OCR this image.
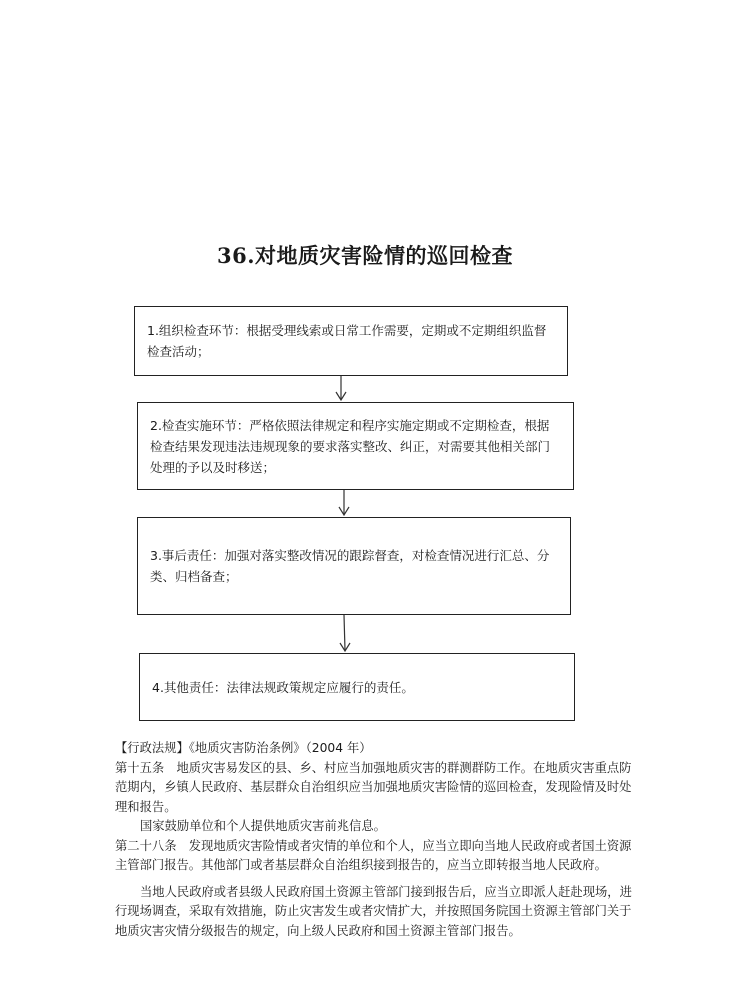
36.对地质灾害险情的巡回检查
1.组织检查环节：根据受理线索或日常工作需要，定期或不定期组织监督检查活动；
2.检查实施环节：严格依照法律规定和程序实施定期或不定期检查，根据检查结果发现违法违规现象的要求落实整改、纠正，对需要其他相关部门处理的予以及时移送；
3.事后责任：加强对落实整改情况的跟踪督查，对检查情况进行汇总、分类、归档备查；
4.其他责任：法律法规政策规定应履行的责任。

【行政法规】《地质灾害防治条例》（2004 年）

第十五条　地质灾害易发区的县、乡、村应当加强地质灾害的群测群防工作。在地质灾害重点防范期内，乡镇人民政府、基层群众自治组织应当加强地质灾害险情的巡回检查，发现险情及时处理和报告。

国家鼓励单位和个人提供地质灾害前兆信息。

第二十八条　发现地质灾害险情或者灾情的单位和个人，应当立即向当地人民政府或者国土资源主管部门报告。其他部门或者基层群众自治组织接到报告的，应当立即转报当地人民政府。

当地人民政府或者县级人民政府国土资源主管部门接到报告后，应当立即派人赶赴现场，进行现场调查，采取有效措施，防止灾害发生或者灾情扩大，并按照国务院国土资源主管部门关于地质灾害灾情分级报告的规定，向上级人民政府和国土资源主管部门报告。
